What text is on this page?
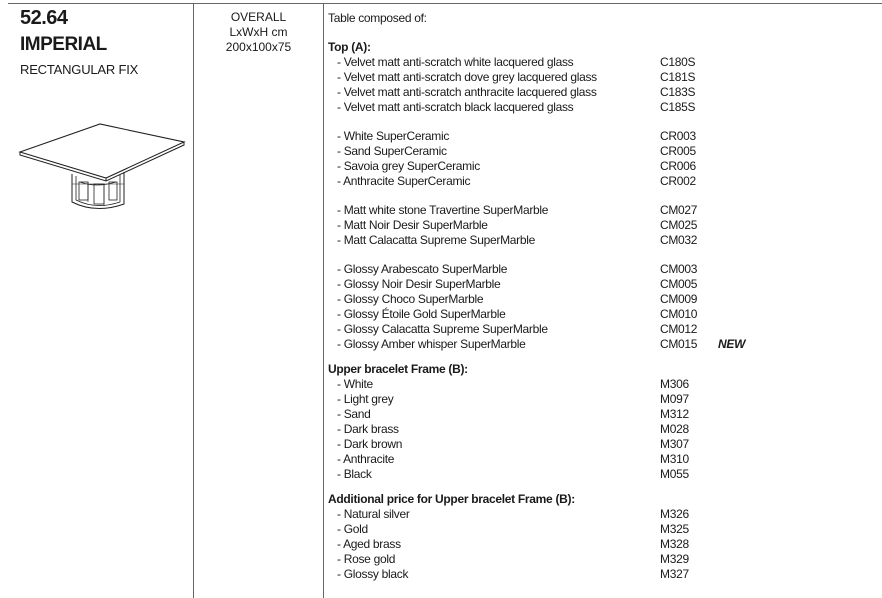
52.64
IMPERIAL
RECTANGULAR FIX
OVERALL
LxWxH cm
200x100x75
Table composed of:
Top (A):
- Velvet matt anti-scratch white lacquered glass	C180S
- Velvet matt anti-scratch dove grey lacquered glass	C181S
- Velvet matt anti-scratch anthracite lacquered glass	C183S
- Velvet matt anti-scratch black lacquered glass	C185S
- White SuperCeramic	CR003
- Sand SuperCeramic	CR005
- Savoia grey SuperCeramic	CR006
- Anthracite SuperCeramic	CR002
- Matt white stone Travertine SuperMarble	CM027
- Matt Noir Desir SuperMarble	CM025
- Matt Calacatta Supreme SuperMarble	CM032
- Glossy Arabescato SuperMarble	CM003
- Glossy Noir Desir SuperMarble	CM005
- Glossy Choco SuperMarble	CM009
- Glossy Étoile Gold SuperMarble	CM010
- Glossy Calacatta Supreme SuperMarble	CM012
- Glossy Amber whisper SuperMarble	CM015 NEW
Upper bracelet Frame (B):
- White	M306
- Light grey	M097
- Sand	M312
- Dark brass	M028
- Dark brown	M307
- Anthracite	M310
- Black	M055
Additional price for Upper bracelet Frame (B):
- Natural silver	M326
- Gold	M325
- Aged brass	M328
- Rose gold	M329
- Glossy black	M327
